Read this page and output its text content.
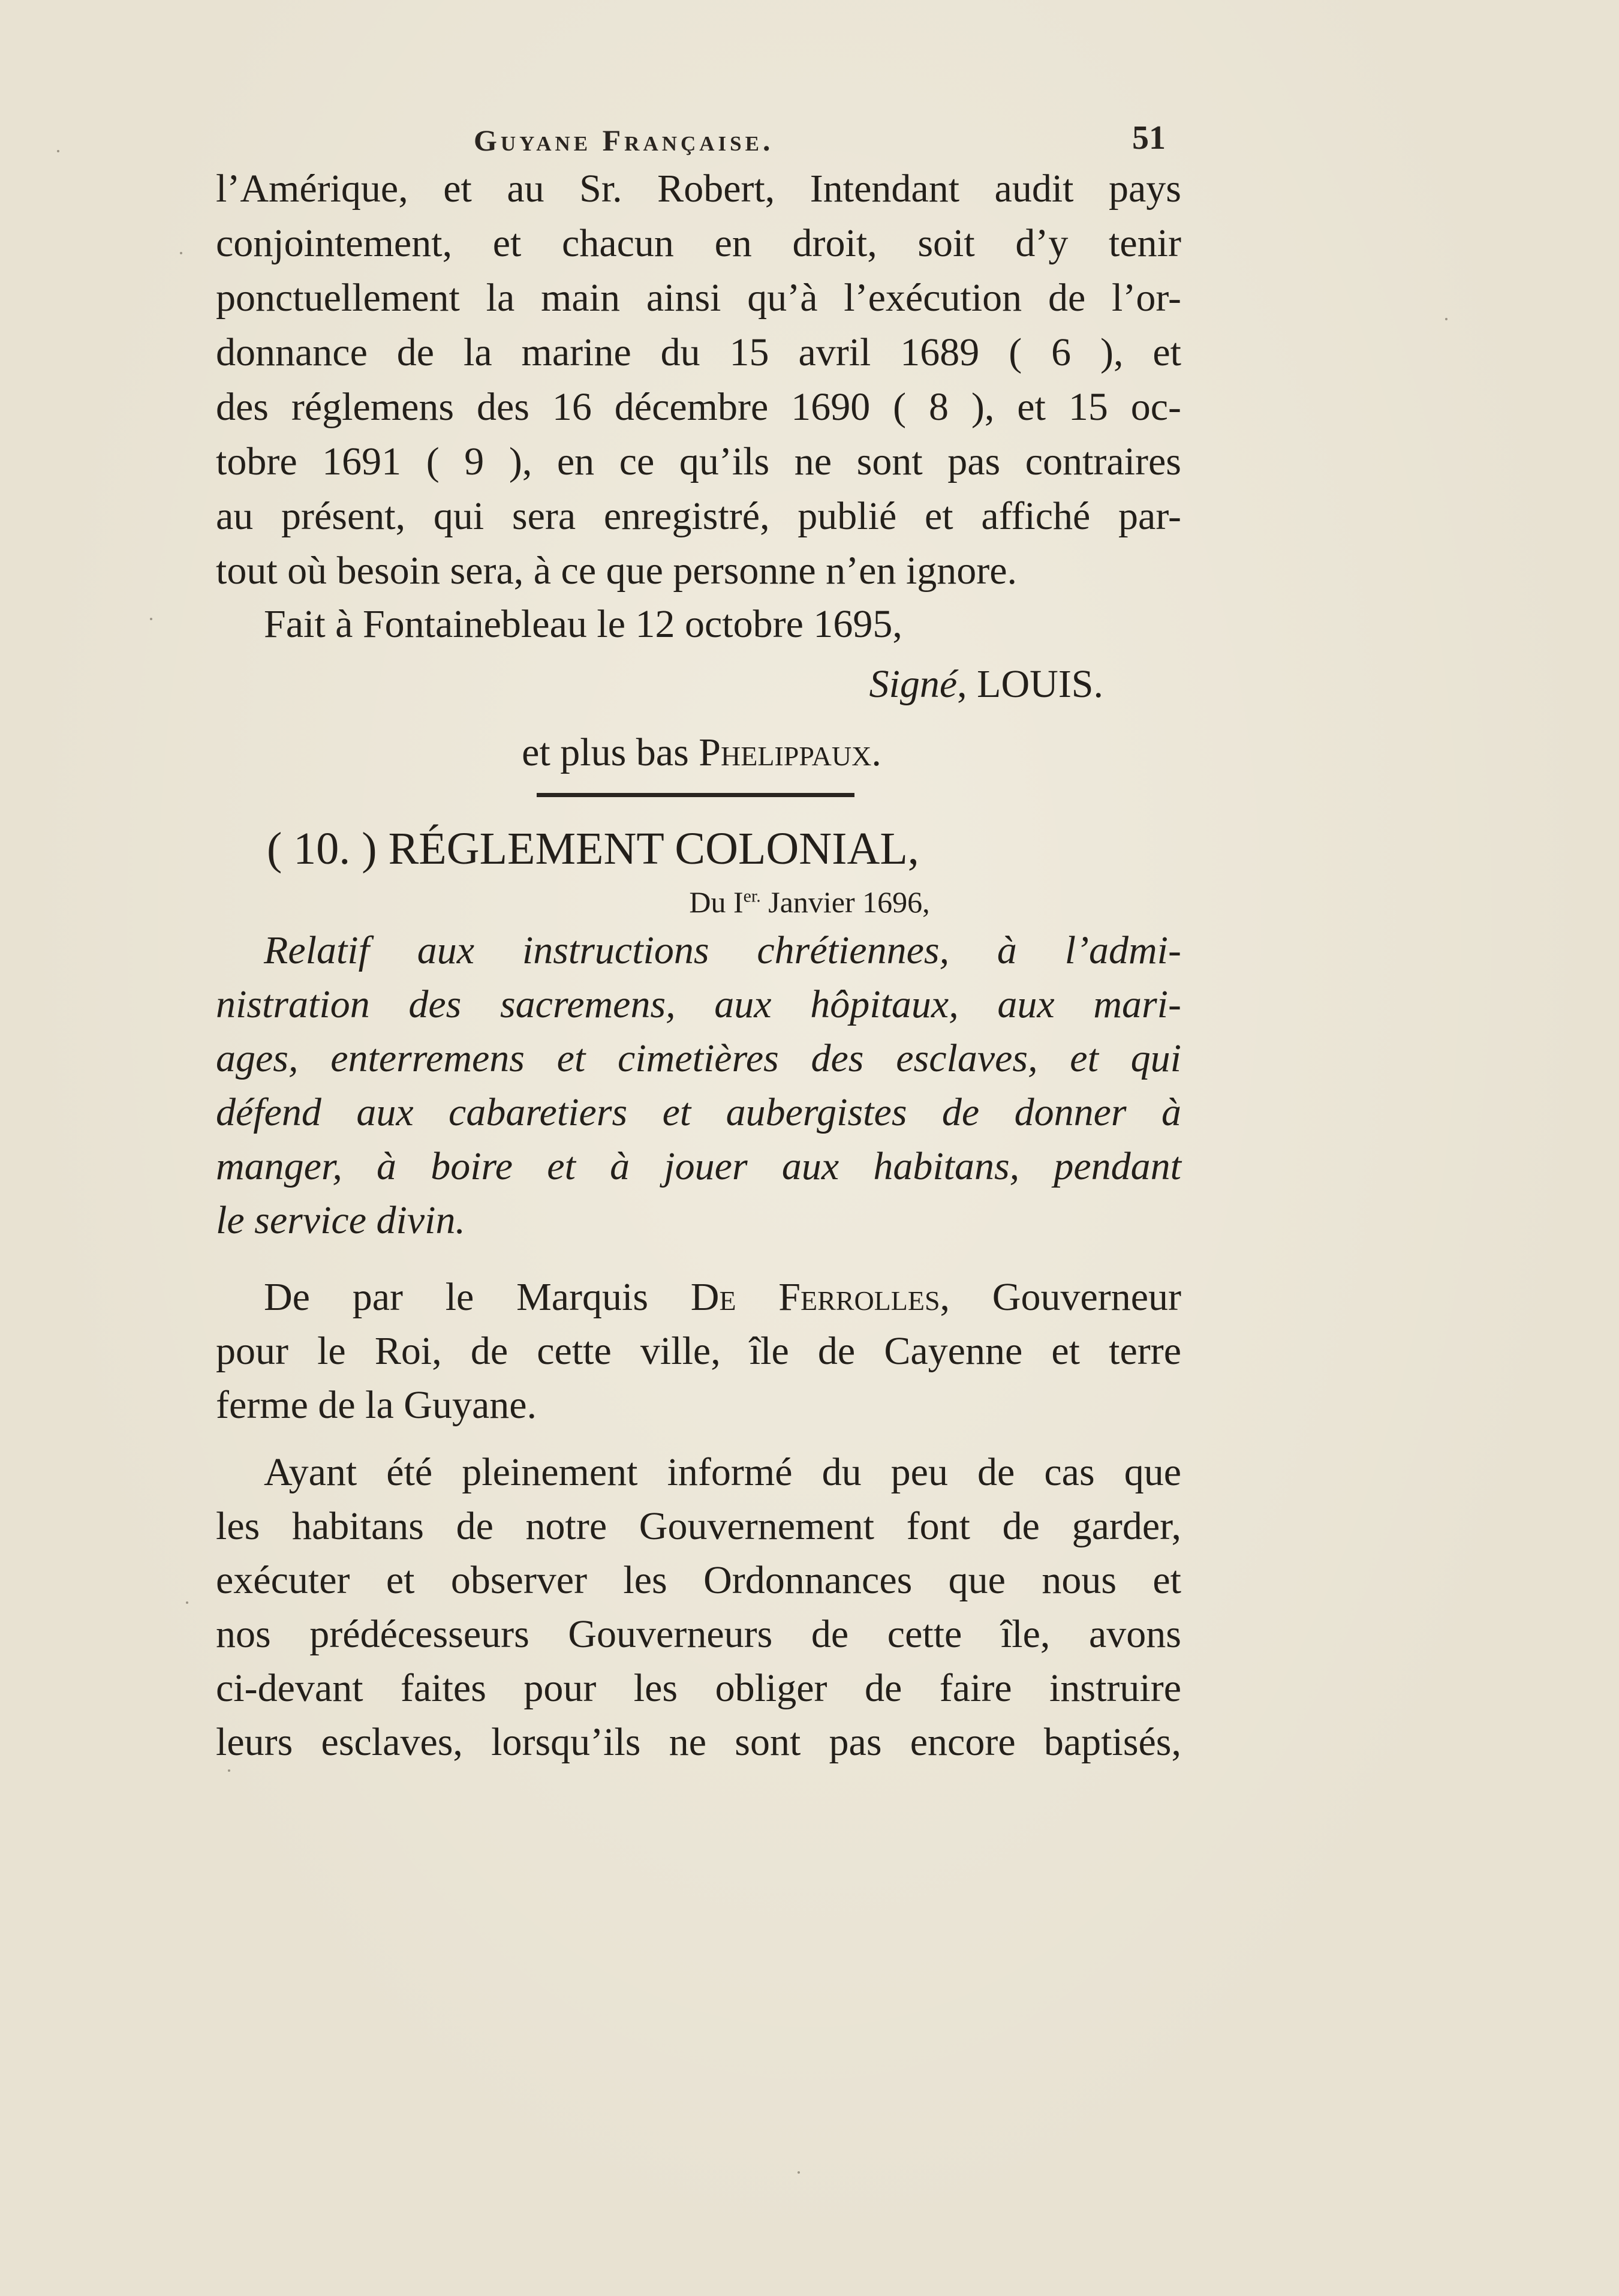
Guyane Française.	51
l’Amérique, et au Sr. Robert, Intendant audit pays
conjointement, et chacun en droit, soit d’y tenir
ponctuellement la main ainsi qu’à l’exécution de l’or-
donnance de la marine du 15 avril 1689 ( 6 ), et
des réglemens des 16 décembre 1690 ( 8 ), et 15 oc-
tobre 1691 ( 9 ), en ce qu’ils ne sont pas contraires
au présent, qui sera enregistré, publié et affiché par-
tout où besoin sera, à ce que personne n’en ignore.
Fait à Fontainebleau le 12 octobre 1695,
Signé, LOUIS.
et plus bas Phelippaux.
( 10. ) RÉGLEMENT COLONIAL,
Du $I^{er.}$ Janvier 1696,
Relatif aux instructions chrétiennes, à l’admi-
nistration des sacremens, aux hôpitaux, aux mari-
ages, enterremens et cimetières des esclaves, et qui
défend aux cabaretiers et aubergistes de donner à
manger, à boire et à jouer aux habitans, pendant
le service divin.
De par le Marquis De Ferrolles, Gouverneur
pour le Roi, de cette ville, île de Cayenne et terre
ferme de la Guyane.
Ayant été pleinement informé du peu de cas que
les habitans de notre Gouvernement font de garder,
exécuter et observer les Ordonnances que nous et
nos prédécesseurs Gouverneurs de cette île, avons
ci-devant faites pour les obliger de faire instruire
leurs esclaves, lorsqu’ils ne sont pas encore baptisés,
